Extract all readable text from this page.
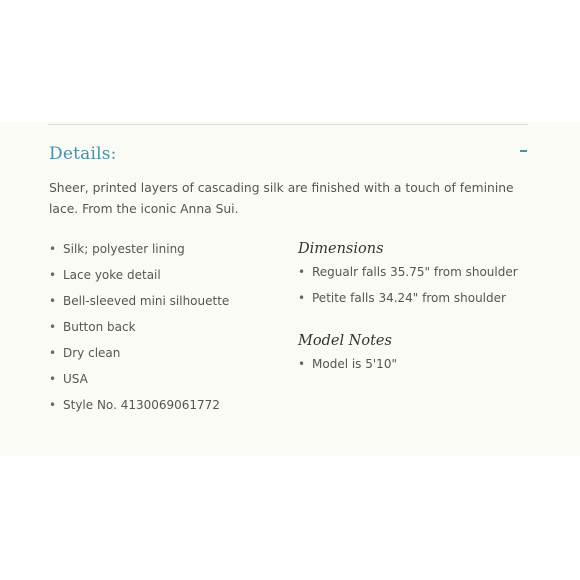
Details:

Sheer, printed layers of cascading silk are finished with a touch of feminine lace. From the iconic Anna Sui.

• Silk; polyester lining
• Lace yoke detail
• Bell-sleeved mini silhouette
• Button back
• Dry clean
• USA
• Style No. 4130069061772
Dimensions
• Regualr falls 35.75" from shoulder
• Petite falls 34.24" from shoulder
Model Notes
• Model is 5'10"
